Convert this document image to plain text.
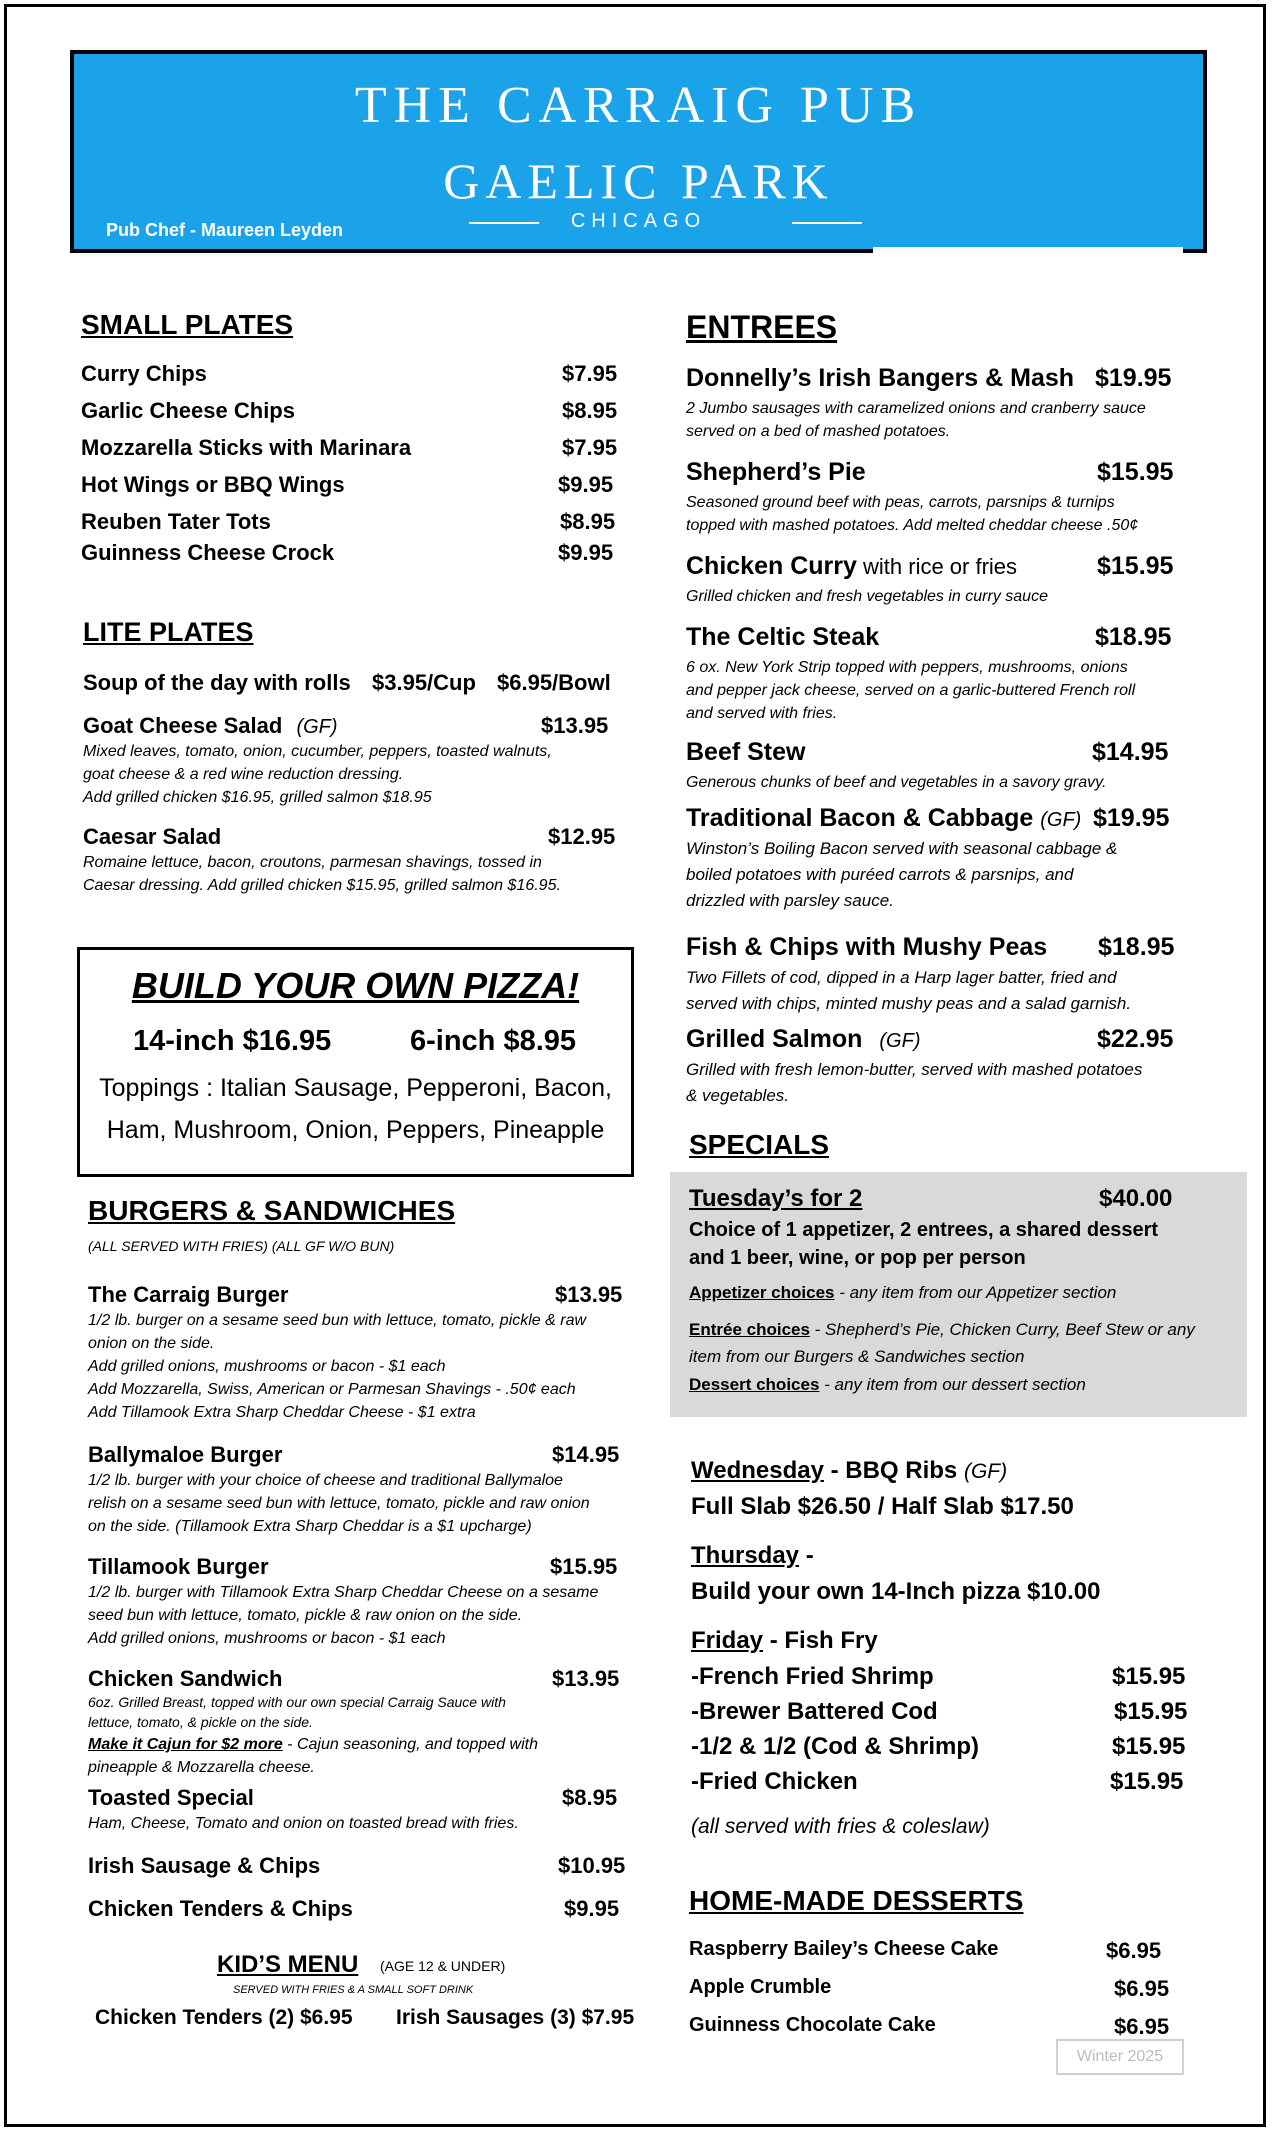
THE CARRAIG PUB
GAELIC PARK
CHICAGO
Pub Chef - Maureen Leyden
SMALL PLATES
Curry Chips	$7.95
Garlic Cheese Chips	$8.95
Mozzarella Sticks with Marinara	$7.95
Hot Wings or BBQ Wings	$9.95
Reuben Tater Tots	$8.95
Guinness Cheese Crock	$9.95
LITE PLATES
Soup of the day with rolls $3.95/Cup $6.95/Bowl
Goat Cheese Salad (GF)	$13.95
Mixed leaves, tomato, onion, cucumber, peppers, toasted walnuts,
goat cheese & a red wine reduction dressing.
Add grilled chicken $16.95, grilled salmon $18.95
Caesar Salad	$12.95
Romaine lettuce, bacon, croutons, parmesan shavings, tossed in
Caesar dressing. Add grilled chicken $15.95, grilled salmon $16.95.
BUILD YOUR OWN PIZZA!
14-inch $16.95	6-inch $8.95
Toppings : Italian Sausage, Pepperoni, Bacon,
Ham, Mushroom, Onion, Peppers, Pineapple
BURGERS & SANDWICHES
(ALL SERVED WITH FRIES) (ALL GF W/O BUN)
The Carraig Burger	$13.95
1/2 lb. burger on a sesame seed bun with lettuce, tomato, pickle & raw
onion on the side.
Add grilled onions, mushrooms or bacon - $1 each
Add Mozzarella, Swiss, American or Parmesan Shavings - .50¢ each
Add Tillamook Extra Sharp Cheddar Cheese - $1 extra
Ballymaloe Burger	$14.95
1/2 lb. burger with your choice of cheese and traditional Ballymaloe
relish on a sesame seed bun with lettuce, tomato, pickle and raw onion
on the side. (Tillamook Extra Sharp Cheddar is a $1 upcharge)
Tillamook Burger	$15.95
1/2 lb. burger with Tillamook Extra Sharp Cheddar Cheese on a sesame
seed bun with lettuce, tomato, pickle & raw onion on the side.
Add grilled onions, mushrooms or bacon - $1 each
Chicken Sandwich	$13.95
6oz. Grilled Breast, topped with our own special Carraig Sauce with
lettuce, tomato, & pickle on the side.
Make it Cajun for $2 more - Cajun seasoning, and topped with
pineapple & Mozzarella cheese.
Toasted Special	$8.95
Ham, Cheese, Tomato and onion on toasted bread with fries.
Irish Sausage & Chips	$10.95
Chicken Tenders & Chips	$9.95
KID’S MENU (AGE 12 & UNDER)
SERVED WITH FRIES & A SMALL SOFT DRINK
Chicken Tenders (2) $6.95 Irish Sausages (3) $7.95
ENTREES
Donnelly’s Irish Bangers & Mash $19.95
2 Jumbo sausages with caramelized onions and cranberry sauce
served on a bed of mashed potatoes.
Shepherd’s Pie	$15.95
Seasoned ground beef with peas, carrots, parsnips & turnips
topped with mashed potatoes. Add melted cheddar cheese .50¢
Chicken Curry with rice or fries	$15.95
Grilled chicken and fresh vegetables in curry sauce
The Celtic Steak	$18.95
6 ox. New York Strip topped with peppers, mushrooms, onions
and pepper jack cheese, served on a garlic-buttered French roll
and served with fries.
Beef Stew	$14.95
Generous chunks of beef and vegetables in a savory gravy.
Traditional Bacon & Cabbage (GF) $19.95
Winston’s Boiling Bacon served with seasonal cabbage &
boiled potatoes with puréed carrots & parsnips, and
drizzled with parsley sauce.
Fish & Chips with Mushy Peas $18.95
Two Fillets of cod, dipped in a Harp lager batter, fried and
served with chips, minted mushy peas and a salad garnish.
Grilled Salmon (GF)	$22.95
Grilled with fresh lemon-butter, served with mashed potatoes
& vegetables.
SPECIALS
Tuesday’s for 2	$40.00
Choice of 1 appetizer, 2 entrees, a shared dessert
and 1 beer, wine, or pop per person
Appetizer choices - any item from our Appetizer section
Entrée choices - Shepherd’s Pie, Chicken Curry, Beef Stew or any
item from our Burgers & Sandwiches section
Dessert choices - any item from our dessert section
Wednesday - BBQ Ribs (GF)
Full Slab $26.50 / Half Slab $17.50
Thursday -
Build your own 14-Inch pizza $10.00
Friday - Fish Fry
-French Fried Shrimp	$15.95
-Brewer Battered Cod	$15.95
-1/2 & 1/2 (Cod & Shrimp)	$15.95
-Fried Chicken	$15.95
(all served with fries & coleslaw)
HOME-MADE DESSERTS
Raspberry Bailey’s Cheese Cake	$6.95
Apple Crumble	$6.95
Guinness Chocolate Cake	$6.95
Winter 2025
